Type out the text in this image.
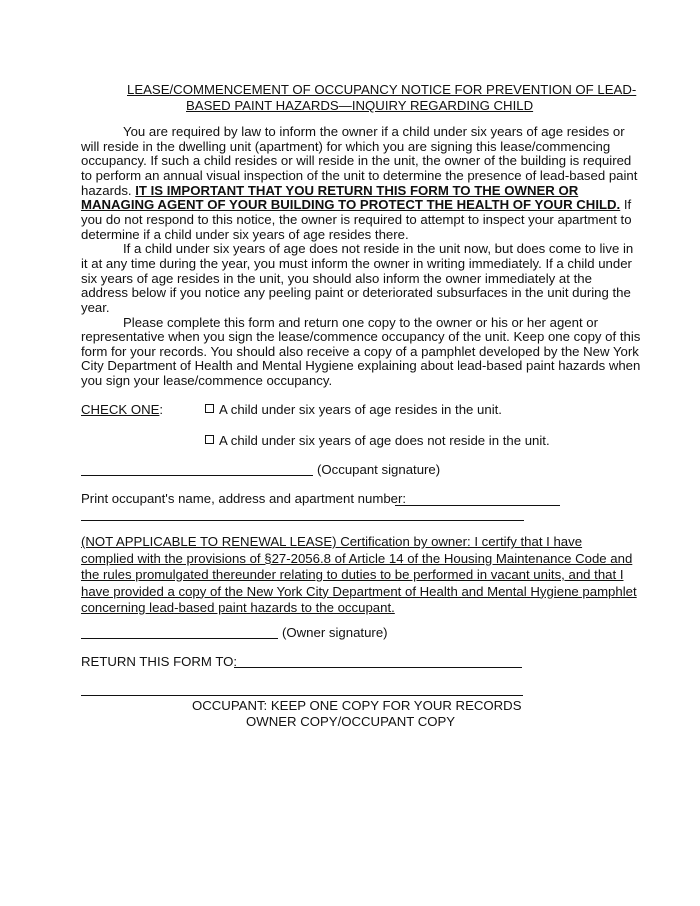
LEASE/COMMENCEMENT OF OCCUPANCY NOTICE FOR PREVENTION OF LEAD-
BASED PAINT HAZARDS—INQUIRY REGARDING CHILD
You are required by law to inform the owner if a child under six years of age resides or
will reside in the dwelling unit (apartment) for which you are signing this lease/commencing
occupancy. If such a child resides or will reside in the unit, the owner of the building is required
to perform an annual visual inspection of the unit to determine the presence of lead-based paint
hazards. IT IS IMPORTANT THAT YOU RETURN THIS FORM TO THE OWNER OR
MANAGING AGENT OF YOUR BUILDING TO PROTECT THE HEALTH OF YOUR CHILD. If
you do not respond to this notice, the owner is required to attempt to inspect your apartment to
determine if a child under six years of age resides there.
If a child under six years of age does not reside in the unit now, but does come to live in
it at any time during the year, you must inform the owner in writing immediately. If a child under
six years of age resides in the unit, you should also inform the owner immediately at the
address below if you notice any peeling paint or deteriorated subsurfaces in the unit during the
year.
Please complete this form and return one copy to the owner or his or her agent or
representative when you sign the lease/commence occupancy of the unit. Keep one copy of this
form for your records. You should also receive a copy of a pamphlet developed by the New York
City Department of Health and Mental Hygiene explaining about lead-based paint hazards when
you sign your lease/commence occupancy.
CHECK ONE:	A child under six years of age resides in the unit.
A child under six years of age does not reside in the unit.
(Occupant signature)
Print occupant's name, address and apartment number:
(NOT APPLICABLE TO RENEWAL LEASE) Certification by owner: I certify that I have
complied with the provisions of §27-2056.8 of Article 14 of the Housing Maintenance Code and
the rules promulgated thereunder relating to duties to be performed in vacant units, and that I
have provided a copy of the New York City Department of Health and Mental Hygiene pamphlet
concerning lead-based paint hazards to the occupant.
(Owner signature)
RETURN THIS FORM TO:
OCCUPANT: KEEP ONE COPY FOR YOUR RECORDS
OWNER COPY/OCCUPANT COPY
